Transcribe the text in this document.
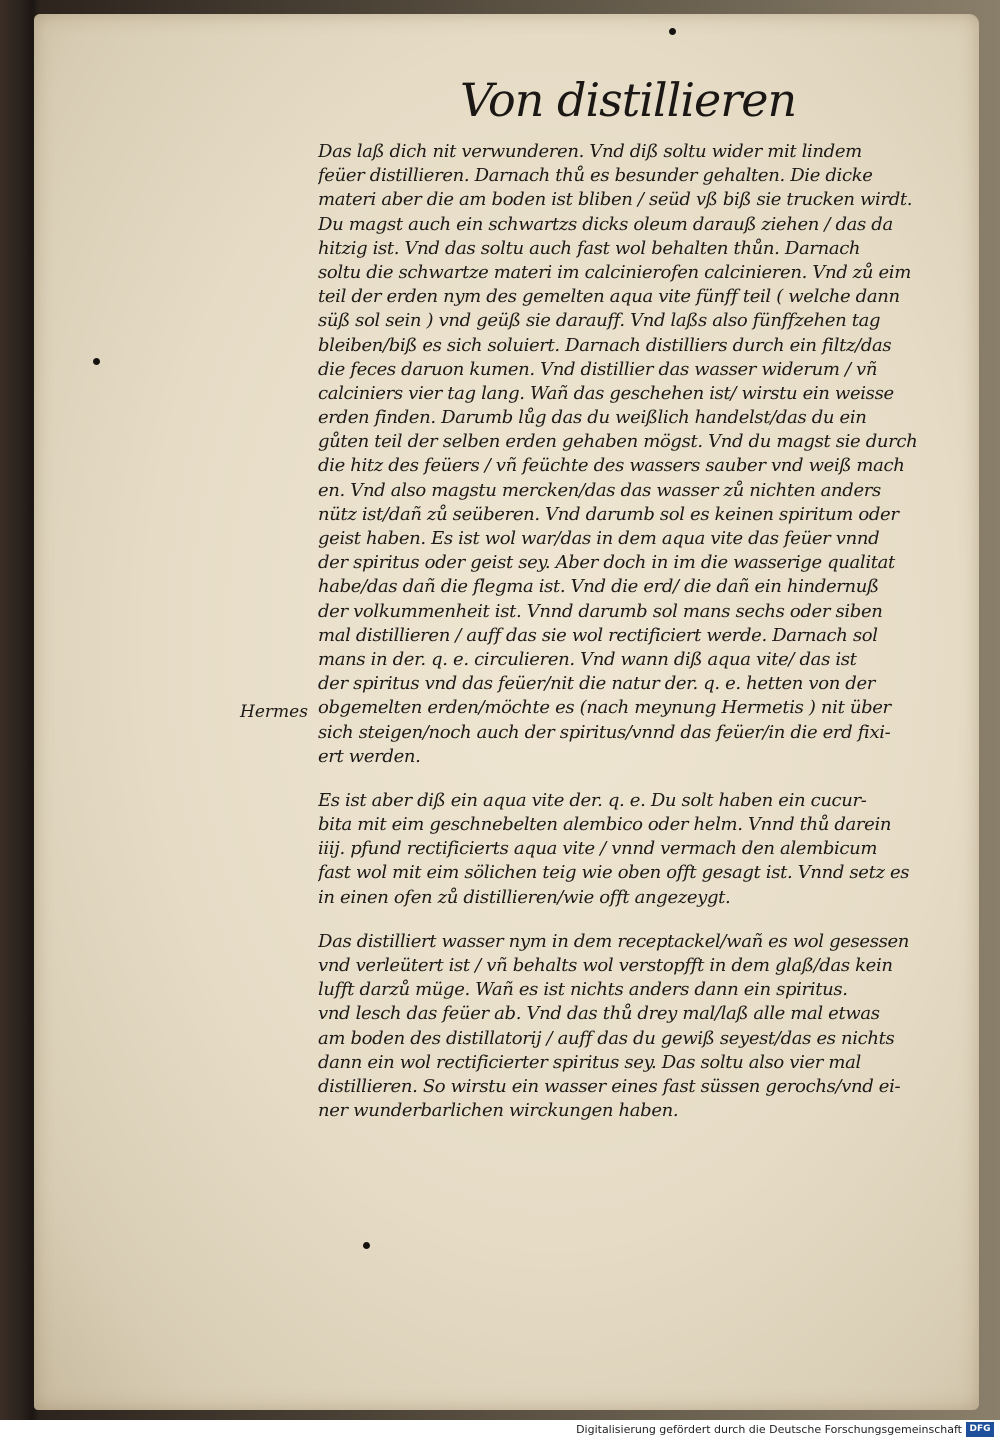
Von distillieren
Hermes
Das laß dich nit verwunderen. Vnd diß soltu wider mit lindem
feüer distillieren. Darnach thů es besunder gehalten. Die dicke
materi aber die am boden ist bliben / seüd vß biß sie trucken wirdt.
Du magst auch ein schwartzs dicks oleum darauß ziehen / das da
hitzig ist. Vnd das soltu auch fast wol behalten thůn. Darnach
soltu die schwartze materi im calcinierofen calcinieren. Vnd zů eim
teil der erden nym des gemelten aqua vite fünff teil ( welche dann
süß sol sein ) vnd geüß sie darauff. Vnd laßs also fünffzehen tag
bleiben/biß es sich soluiert. Darnach distilliers durch ein filtz/das
die feces daruon kumen. Vnd distillier das wasser widerum / vñ
calciniers vier tag lang. Wañ das geschehen ist/ wirstu ein weisse
erden finden. Darumb lůg das du weißlich handelst/das du ein
gůten teil der selben erden gehaben mögst. Vnd du magst sie durch
die hitz des feüers / vñ feüchte des wassers sauber vnd weiß mach
en. Vnd also magstu mercken/das das wasser zů nichten anders
nütz ist/dañ zů seüberen. Vnd darumb sol es keinen spiritum oder
geist haben. Es ist wol war/das in dem aqua vite das feüer vnnd
der spiritus oder geist sey. Aber doch in im die wasserige qualitat
habe/das dañ die flegma ist. Vnd die erd/ die dañ ein hindernuß
der volkummenheit ist. Vnnd darumb sol mans sechs oder siben
mal distillieren / auff das sie wol rectificiert werde. Darnach sol
mans in der. q. e. circulieren. Vnd wann diß aqua vite/ das ist
der spiritus vnd das feüer/nit die natur der. q. e. hetten von der
obgemelten erden/möchte es (nach meynung Hermetis ) nit über
sich steigen/noch auch der spiritus/vnnd das feüer/in die erd fixi-
ert werden.
Es ist aber diß ein aqua vite der. q. e. Du solt haben ein cucur-
bita mit eim geschnebelten alembico oder helm. Vnnd thů darein
iiij. pfund rectificierts aqua vite / vnnd vermach den alembicum
fast wol mit eim sölichen teig wie oben offt gesagt ist. Vnnd setz es
in einen ofen zů distillieren/wie offt angezeygt.
Das distilliert wasser nym in dem receptackel/wañ es wol gesessen
vnd verleütert ist / vñ behalts wol verstopfft in dem glaß/das kein
lufft darzů müge. Wañ es ist nichts anders dann ein spiritus.
vnd lesch das feüer ab. Vnd das thů drey mal/laß alle mal etwas
am boden des distillatorij / auff das du gewiß seyest/das es nichts
dann ein wol rectificierter spiritus sey. Das soltu also vier mal
distillieren. So wirstu ein wasser eines fast süssen gerochs/vnd ei-
ner wunderbarlichen wirckungen haben.
Digitalisierung gefördert durch die Deutsche Forschungsgemeinschaft DFG
